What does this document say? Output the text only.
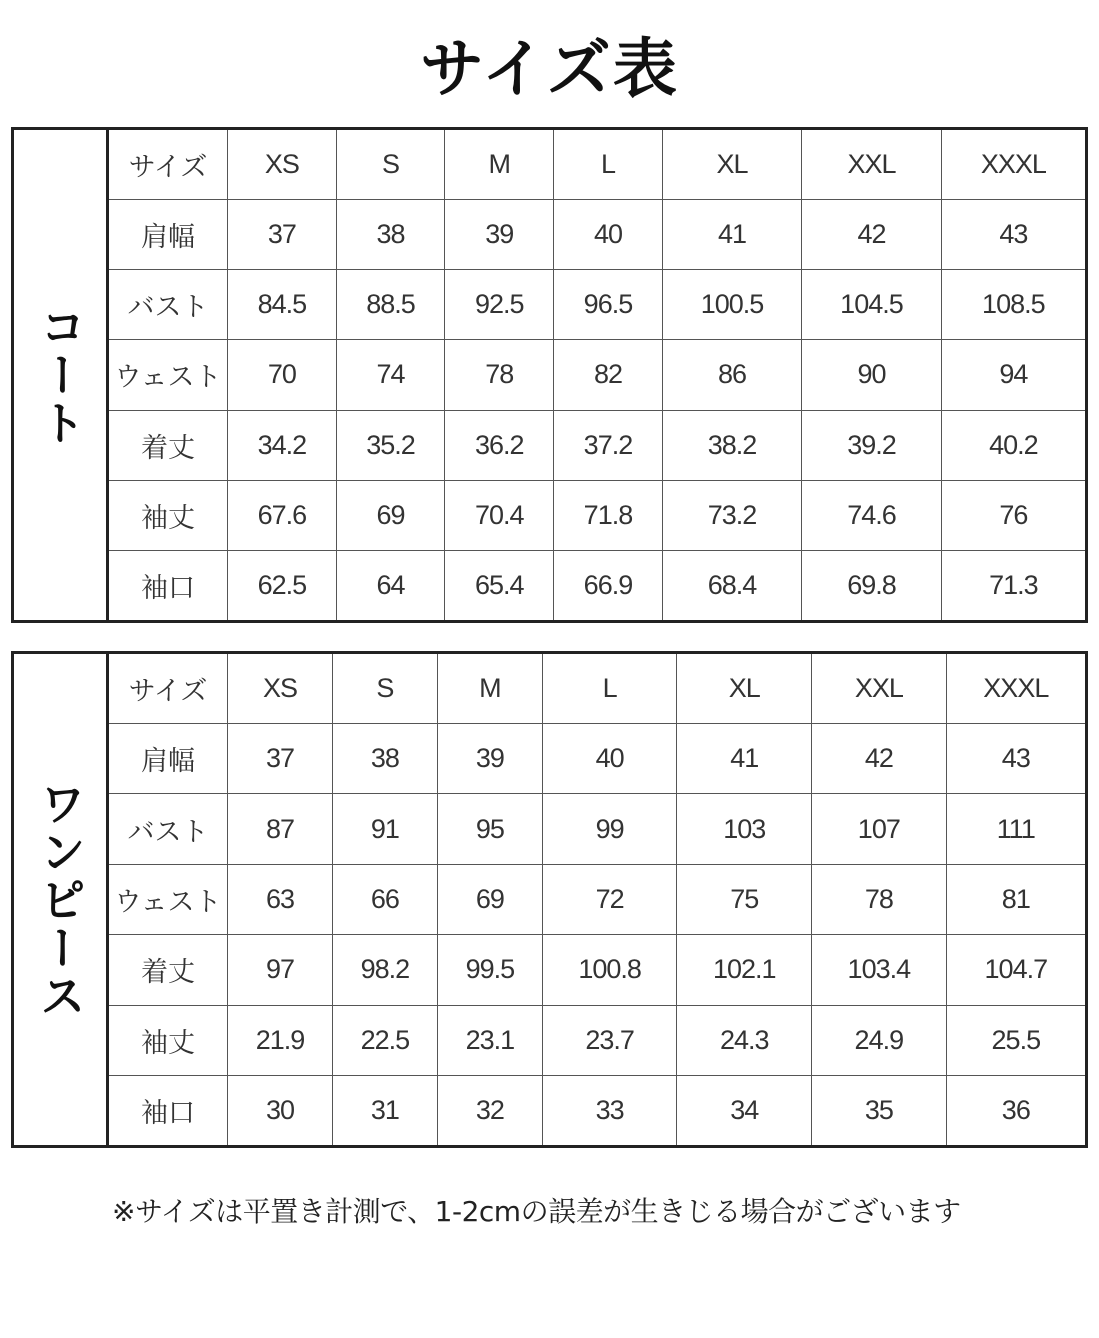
サイズ表
コート
サイズ	XS	S	M	L	XL	XXL	XXXL
肩幅	37	38	39	40	41	42	43
バスト	84.5	88.5	92.5	96.5	100.5	104.5	108.5
ウェスト	70	74	78	82	86	90	94
着丈	34.2	35.2	36.2	37.2	38.2	39.2	40.2
袖丈	67.6	69	70.4	71.8	73.2	74.6	76
袖口	62.5	64	65.4	66.9	68.4	69.8	71.3
ワンピース
サイズ	XS	S	M	L	XL	XXL	XXXL
肩幅	37	38	39	40	41	42	43
バスト	87	91	95	99	103	107	111
ウェスト	63	66	69	72	75	78	81
着丈	97	98.2	99.5	100.8	102.1	103.4	104.7
袖丈	21.9	22.5	23.1	23.7	24.3	24.9	25.5
袖口	30	31	32	33	34	35	36
※サイズは平置き計測で、1-2cmの誤差が生きじる場合がございます
